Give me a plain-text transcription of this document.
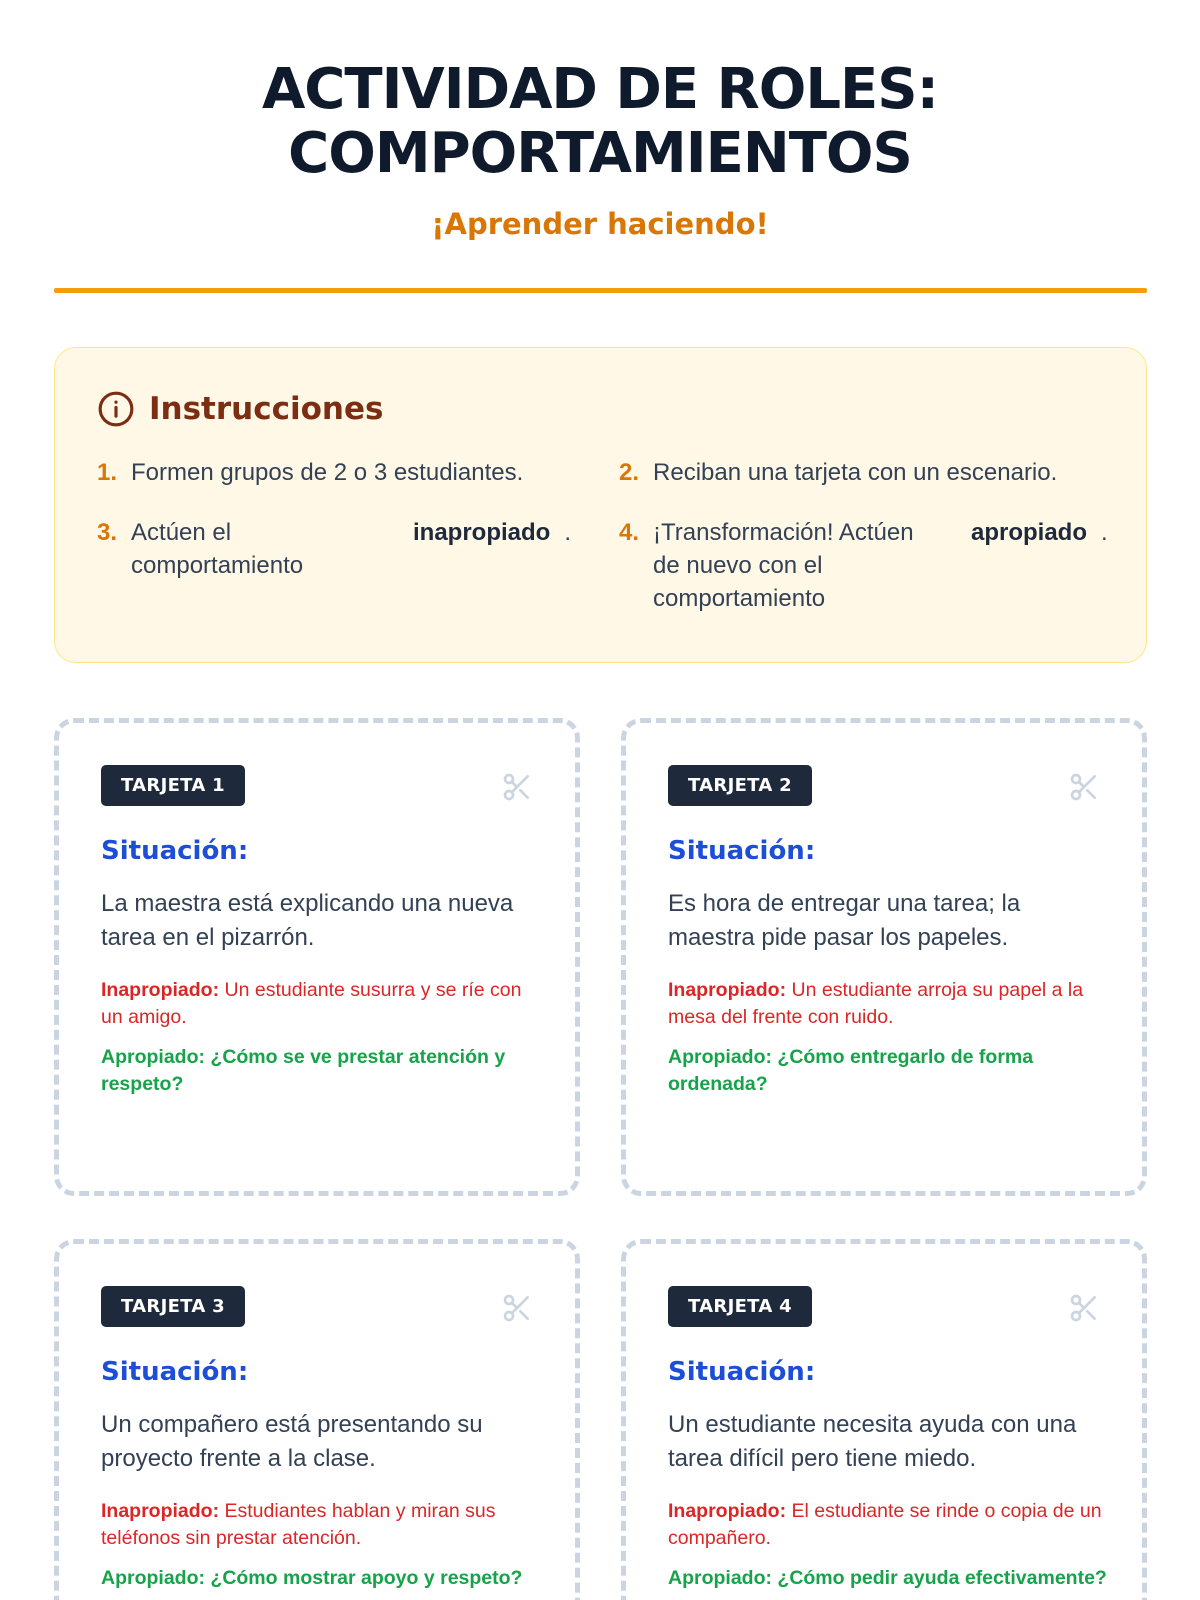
ACTIVIDAD DE ROLES:
COMPORTAMIENTOS
¡Aprender haciendo!
Instrucciones
1. Formen grupos de 2 o 3 estudiantes.	2. Reciban una tarjeta con un escenario.
3. Actúen el
comportamiento
inapropiado . 4. ¡Transformación! Actúen
de nuevo con el
comportamiento
apropiado .
TARJETA 1
Situación:
La maestra está explicando una nueva tarea en el pizarrón.
Inapropiado: Un estudiante susurra y se ríe con un amigo.
Apropiado: ¿Cómo se ve prestar atención y respeto?
TARJETA 2
Situación:
Es hora de entregar una tarea; la maestra pide pasar los papeles.
Inapropiado: Un estudiante arroja su papel a la mesa del frente con ruido.
Apropiado: ¿Cómo entregarlo de forma ordenada?
TARJETA 3
Situación:
Un compañero está presentando su proyecto frente a la clase.
Inapropiado: Estudiantes hablan y miran sus teléfonos sin prestar atención.
Apropiado: ¿Cómo mostrar apoyo y respeto?
TARJETA 4
Situación:
Un estudiante necesita ayuda con una tarea difícil pero tiene miedo.
Inapropiado: El estudiante se rinde o copia de un compañero.
Apropiado: ¿Cómo pedir ayuda efectivamente?
